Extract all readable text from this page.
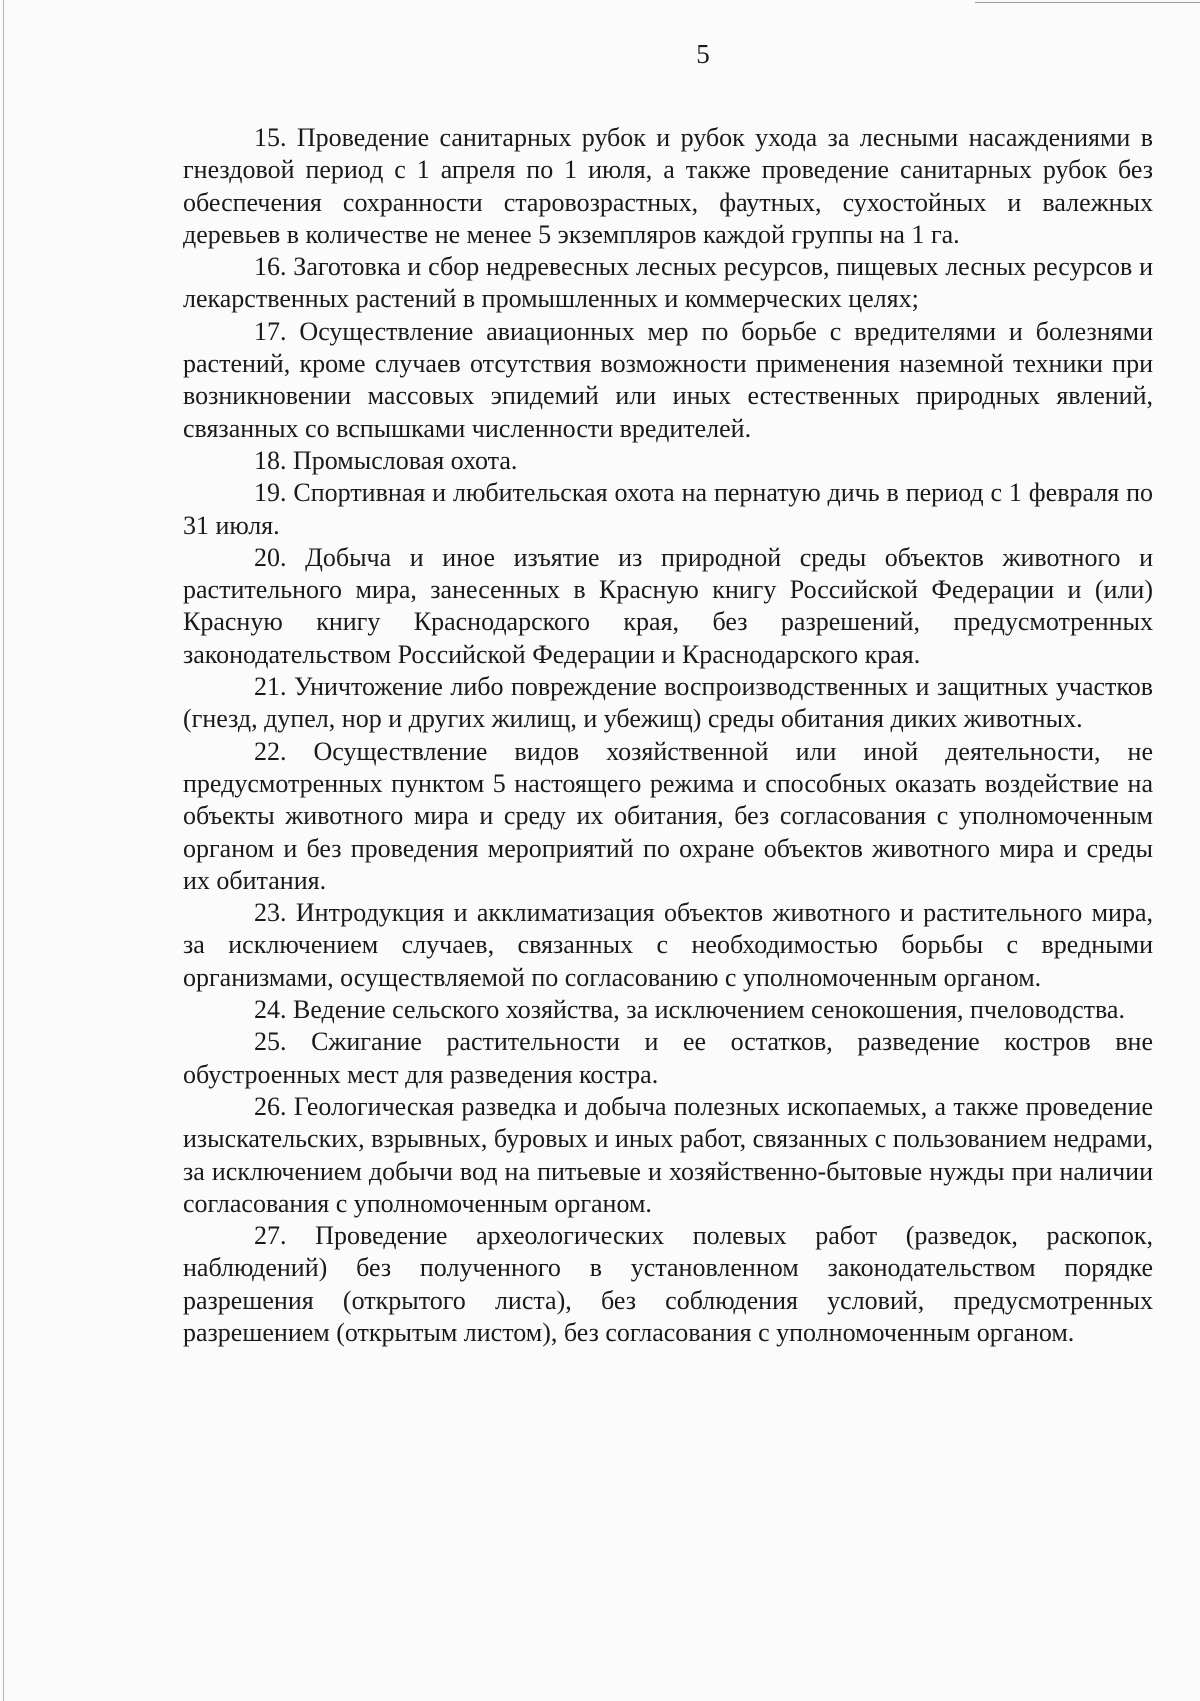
5

15. Проведение санитарных рубок и рубок ухода за лесными насаждениями в гнездовой период с 1 апреля по 1 июля, а также проведение санитарных рубок без обеспечения сохранности старовозрастных, фаутных, сухостойных и валежных деревьев в количестве не менее 5 экземпляров каждой группы на 1 га.

16. Заготовка и сбор недревесных лесных ресурсов, пищевых лесных ресурсов и лекарственных растений в промышленных и коммерческих целях;

17. Осуществление авиационных мер по борьбе с вредителями и болезнями растений, кроме случаев отсутствия возможности применения наземной техники при возникновении массовых эпидемий или иных естественных природных явлений, связанных со вспышками численности вредителей.

18. Промысловая охота.

19. Спортивная и любительская охота на пернатую дичь в период с 1 февраля по 31 июля.

20. Добыча и иное изъятие из природной среды объектов животного и растительного мира, занесенных в Красную книгу Российской Федерации и (или) Красную книгу Краснодарского края, без разрешений, предусмотренных законодательством Российской Федерации и Краснодарского края.

21. Уничтожение либо повреждение воспроизводственных и защитных участков (гнезд, дупел, нор и других жилищ, и убежищ) среды обитания диких животных.

22. Осуществление видов хозяйственной или иной деятельности, не предусмотренных пунктом 5 настоящего режима и способных оказать воздействие на объекты животного мира и среду их обитания, без согласования с уполномоченным органом и без проведения мероприятий по охране объектов животного мира и среды их обитания.

23. Интродукция и акклиматизация объектов животного и растительного мира, за исключением случаев, связанных с необходимостью борьбы с вредными организмами, осуществляемой по согласованию с уполномоченным органом.

24. Ведение сельского хозяйства, за исключением сенокошения, пчеловодства.

25. Сжигание растительности и ее остатков, разведение костров вне обустроенных мест для разведения костра.

26. Геологическая разведка и добыча полезных ископаемых, а также проведение изыскательских, взрывных, буровых и иных работ, связанных с пользованием недрами, за исключением добычи вод на питьевые и хозяйственно-бытовые нужды при наличии согласования с уполномоченным органом.

27. Проведение археологических полевых работ (разведок, раскопок, наблюдений) без полученного в установленном законодательством порядке разрешения (открытого листа), без соблюдения условий, предусмотренных разрешением (открытым листом), без согласования с уполномоченным органом.
